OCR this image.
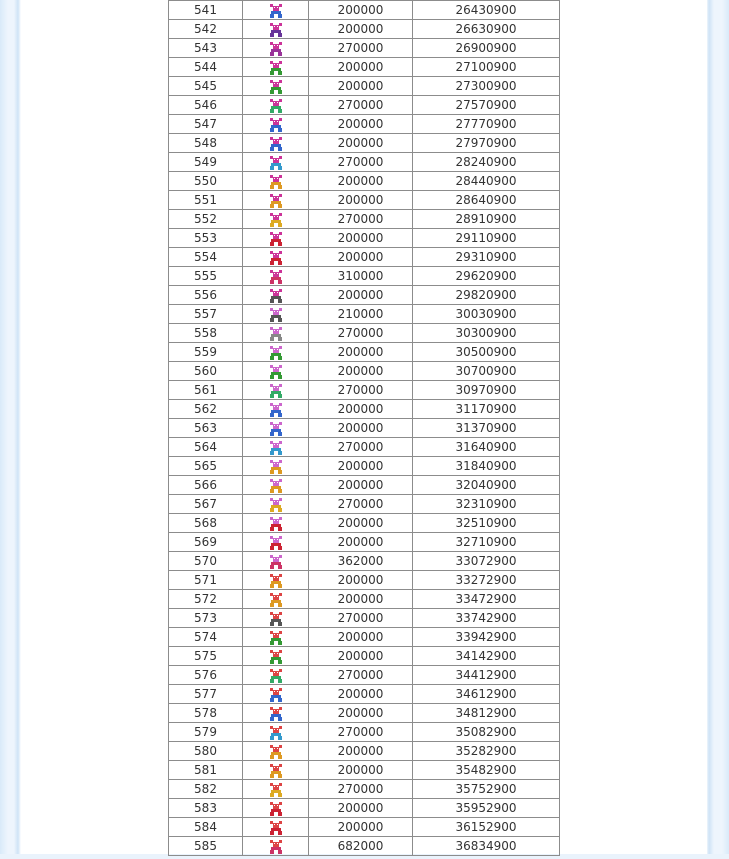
541		200000	26430900
542		200000	26630900
543		270000	26900900
544		200000	27100900
545		200000	27300900
546		270000	27570900
547		200000	27770900
548		200000	27970900
549		270000	28240900
550		200000	28440900
551		200000	28640900
552		270000	28910900
553		200000	29110900
554		200000	29310900
555		310000	29620900
556		200000	29820900
557		210000	30030900
558		270000	30300900
559		200000	30500900
560		200000	30700900
561		270000	30970900
562		200000	31170900
563		200000	31370900
564		270000	31640900
565		200000	31840900
566		200000	32040900
567		270000	32310900
568		200000	32510900
569		200000	32710900
570		362000	33072900
571		200000	33272900
572		200000	33472900
573		270000	33742900
574		200000	33942900
575		200000	34142900
576		270000	34412900
577		200000	34612900
578		200000	34812900
579		270000	35082900
580		200000	35282900
581		200000	35482900
582		270000	35752900
583		200000	35952900
584		200000	36152900
585		682000	36834900
